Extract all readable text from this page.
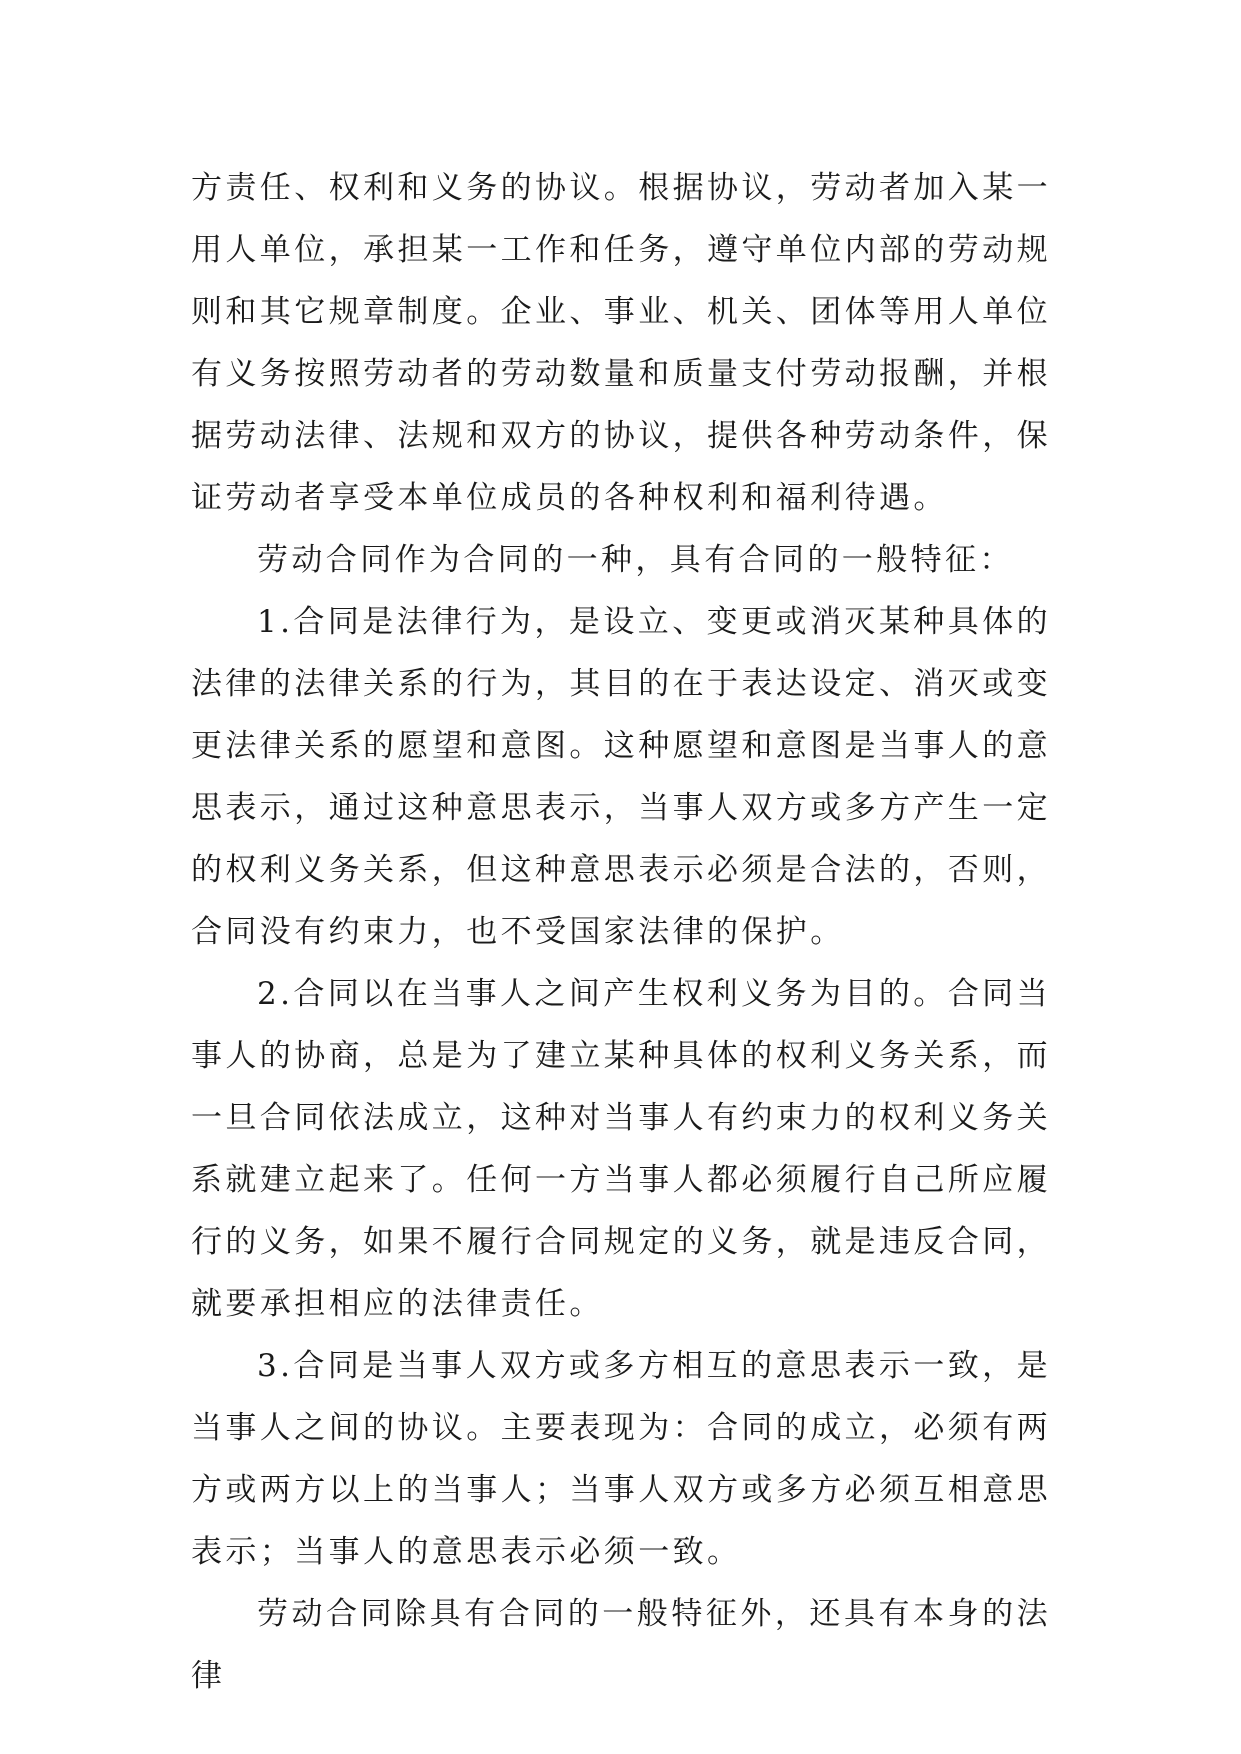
方责任、权利和义务的协议。根据协议，劳动者加入某一用人单位，承担某一工作和任务，遵守单位内部的劳动规则和其它规章制度。企业、事业、机关、团体等用人单位有义务按照劳动者的劳动数量和质量支付劳动报酬，并根据劳动法律、法规和双方的协议，提供各种劳动条件，保证劳动者享受本单位成员的各种权利和福利待遇。

劳动合同作为合同的一种，具有合同的一般特征：

1.合同是法律行为，是设立、变更或消灭某种具体的法律的法律关系的行为，其目的在于表达设定、消灭或变更法律关系的愿望和意图。这种愿望和意图是当事人的意思表示，通过这种意思表示，当事人双方或多方产生一定的权利义务关系，但这种意思表示必须是合法的，否则，合同没有约束力，也不受国家法律的保护。

2.合同以在当事人之间产生权利义务为目的。合同当事人的协商，总是为了建立某种具体的权利义务关系，而一旦合同依法成立，这种对当事人有约束力的权利义务关系就建立起来了。任何一方当事人都必须履行自己所应履行的义务，如果不履行合同规定的义务，就是违反合同，就要承担相应的法律责任。

3.合同是当事人双方或多方相互的意思表示一致，是当事人之间的协议。主要表现为：合同的成立，必须有两方或两方以上的当事人；当事人双方或多方必须互相意思表示；当事人的意思表示必须一致。

劳动合同除具有合同的一般特征外，还具有本身的法律
